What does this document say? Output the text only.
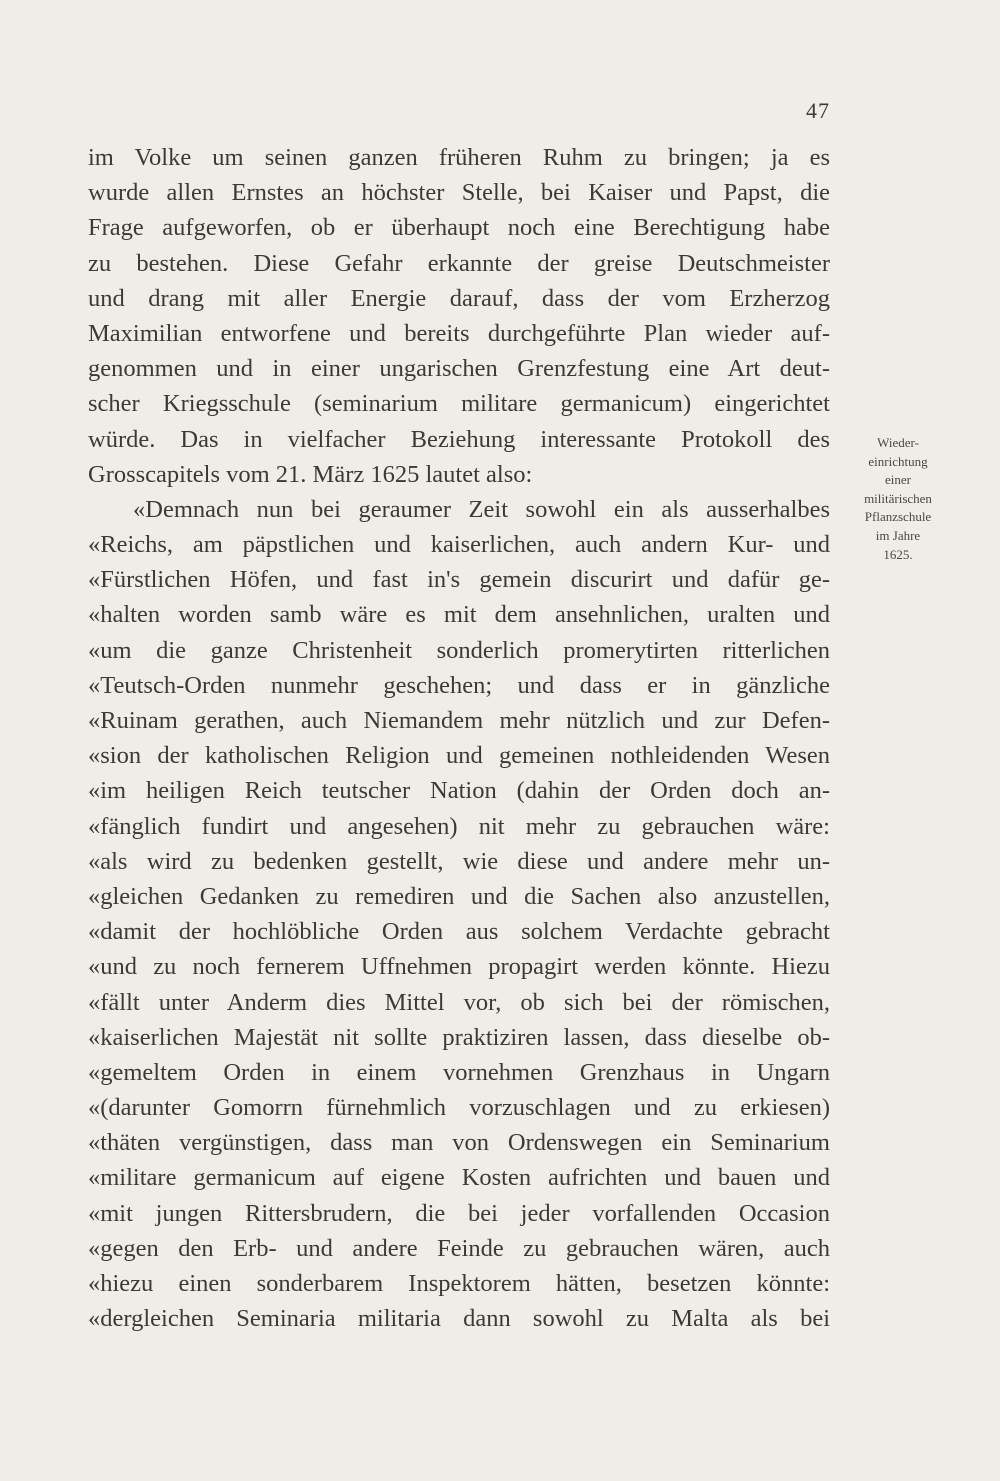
47
im Volke um seinen ganzen früheren Ruhm zu bringen; ja es
wurde allen Ernstes an höchster Stelle, bei Kaiser und Papst, die
Frage aufgeworfen, ob er überhaupt noch eine Berechtigung habe
zu bestehen. Diese Gefahr erkannte der greise Deutschmeister
und drang mit aller Energie darauf, dass der vom Erzherzog
Maximilian entworfene und bereits durchgeführte Plan wieder auf-
genommen und in einer ungarischen Grenzfestung eine Art deut-
scher Kriegsschule (seminarium militare germanicum) eingerichtet
würde. Das in vielfacher Beziehung interessante Protokoll des
Grosscapitels vom 21. März 1625 lautet also:
«Demnach nun bei geraumer Zeit sowohl ein als ausserhalbes
«Reichs, am päpstlichen und kaiserlichen, auch andern Kur- und
«Fürstlichen Höfen, und fast in's gemein discurirt und dafür ge-
«halten worden samb wäre es mit dem ansehnlichen, uralten und
«um die ganze Christenheit sonderlich promerytirten ritterlichen
«Teutsch-Orden nunmehr geschehen; und dass er in gänzliche
«Ruinam gerathen, auch Niemandem mehr nützlich und zur Defen-
«sion der katholischen Religion und gemeinen nothleidenden Wesen
«im heiligen Reich teutscher Nation (dahin der Orden doch an-
«fänglich fundirt und angesehen) nit mehr zu gebrauchen wäre:
«als wird zu bedenken gestellt, wie diese und andere mehr un-
«gleichen Gedanken zu remediren und die Sachen also anzustellen,
«damit der hochlöbliche Orden aus solchem Verdachte gebracht
«und zu noch fernerem Uffnehmen propagirt werden könnte. Hiezu
«fällt unter Anderm dies Mittel vor, ob sich bei der römischen,
«kaiserlichen Majestät nit sollte praktiziren lassen, dass dieselbe ob-
«gemeltem Orden in einem vornehmen Grenzhaus in Ungarn
«(darunter Gomorrn fürnehmlich vorzuschlagen und zu erkiesen)
«thäten vergünstigen, dass man von Ordenswegen ein Seminarium
«militare germanicum auf eigene Kosten aufrichten und bauen und
«mit jungen Rittersbrudern, die bei jeder vorfallenden Occasion
«gegen den Erb- und andere Feinde zu gebrauchen wären, auch
«hiezu einen sonderbarem Inspektorem hätten, besetzen könnte:
«dergleichen Seminaria militaria dann sowohl zu Malta als bei
Wieder-
einrichtung
einer
militärischen
Pflanzschule
im Jahre
1625.
